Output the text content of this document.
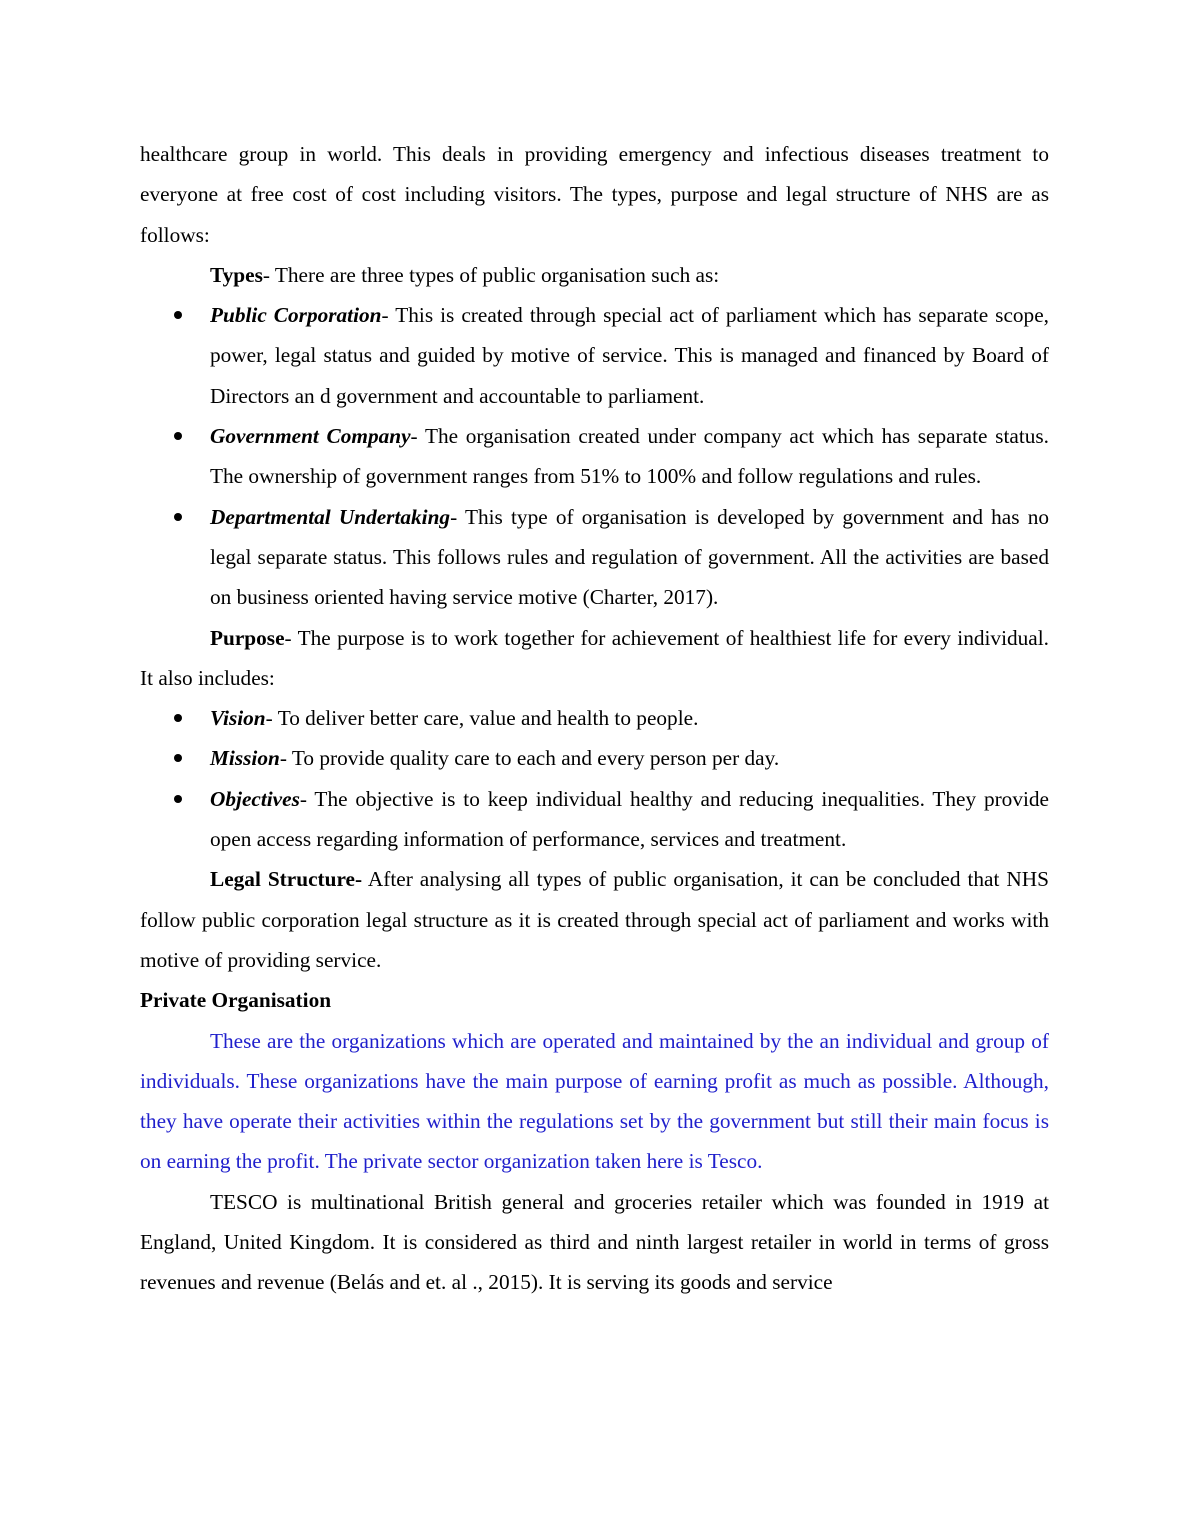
healthcare group in world. This deals in providing emergency and infectious diseases treatment to everyone at free cost of cost including visitors. The types, purpose and legal structure of NHS are as follows:

Types- There are three types of public organisation such as:

Public Corporation- This is created through special act of parliament which has separate scope, power, legal status and guided by motive of service. This is managed and financed by Board of Directors an d government and accountable to parliament.
Government Company- The organisation created under company act which has separate status. The ownership of government ranges from 51% to 100% and follow regulations and rules.
Departmental Undertaking- This type of organisation is developed by government and has no legal separate status. This follows rules and regulation of government. All the activities are based on business oriented having service motive (Charter, 2017).

Purpose- The purpose is to work together for achievement of healthiest life for every individual. It also includes:

Vision- To deliver better care, value and health to people.
Mission- To provide quality care to each and every person per day.
Objectives- The objective is to keep individual healthy and reducing inequalities. They provide open access regarding information of performance, services and treatment.

Legal Structure- After analysing all types of public organisation, it can be concluded that NHS follow public corporation legal structure as it is created through special act of parliament and works with motive of providing service.

Private Organisation

These are the organizations which are operated and maintained by the an individual and group of individuals. These organizations have the main purpose of earning profit as much as possible. Although, they have operate their activities within the regulations set by the government but still their main focus is on earning the profit. The private sector organization taken here is Tesco.

TESCO is multinational British general and groceries retailer which was founded in 1919 at England, United Kingdom. It is considered as third and ninth largest retailer in world in terms of gross revenues and revenue (Belás and et. al ., 2015). It is serving its goods and service
